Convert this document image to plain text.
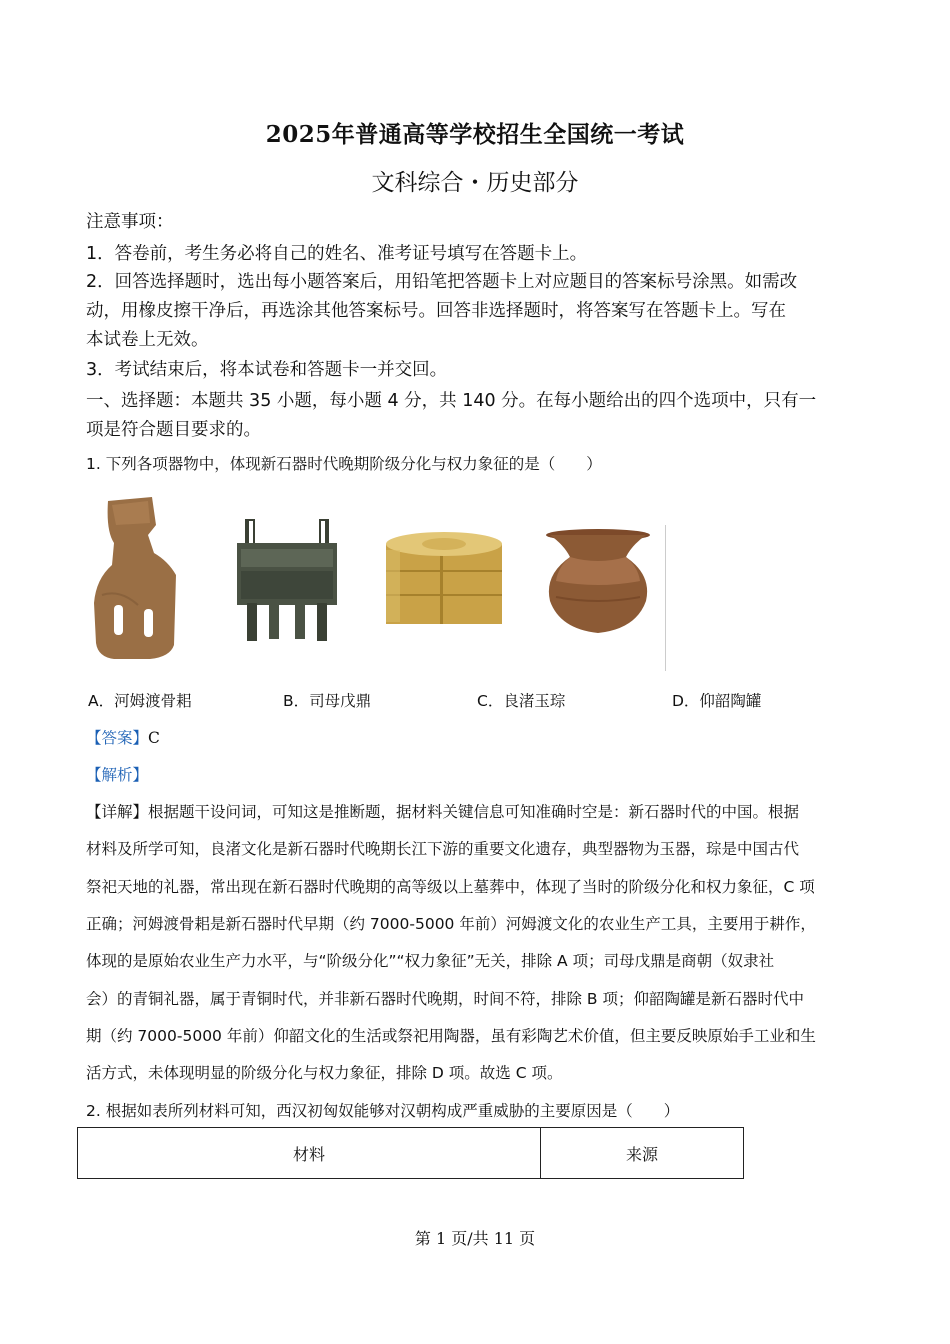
2025年普通高等学校招生全国统一考试
文科综合・历史部分
注意事项：
1．答卷前，考生务必将自己的姓名、准考证号填写在答题卡上。
2．回答选择题时，选出每小题答案后，用铅笔把答题卡上对应题目的答案标号涂黑。如需改
动，用橡皮擦干净后，再选涂其他答案标号。回答非选择题时，将答案写在答题卡上。写在
本试卷上无效。
3．考试结束后，将本试卷和答题卡一并交回。
一、选择题：本题共 35 小题，每小题 4 分，共 140 分。在每小题给出的四个选项中，只有一
项是符合题目要求的。
1. 下列各项器物中，体现新石器时代晚期阶级分化与权力象征的是（　　）
A．河姆渡骨耜	B．司母戊鼎	C．良渚玉琮	D．仰韶陶罐
【答案】C
【解析】
【详解】根据题干设问词，可知这是推断题，据材料关键信息可知准确时空是：新石器时代的中国。根据
材料及所学可知，良渚文化是新石器时代晚期长江下游的重要文化遗存，典型器物为玉器，琮是中国古代
祭祀天地的礼器，常出现在新石器时代晚期的高等级以上墓葬中，体现了当时的阶级分化和权力象征，C 项
正确；河姆渡骨耜是新石器时代早期（约 7000-5000 年前）河姆渡文化的农业生产工具，主要用于耕作，
体现的是原始农业生产力水平，与“阶级分化”“权力象征”无关，排除 A 项；司母戊鼎是商朝（奴隶社
会）的青铜礼器，属于青铜时代，并非新石器时代晚期，时间不符，排除 B 项；仰韶陶罐是新石器时代中
期（约 7000-5000 年前）仰韶文化的生活或祭祀用陶器，虽有彩陶艺术价值，但主要反映原始手工业和生
活方式，未体现明显的阶级分化与权力象征，排除 D 项。故选 C 项。
2. 根据如表所列材料可知，西汉初匈奴能够对汉朝构成严重威胁的主要原因是（　　）
材料	来源
第 1 页/共 11 页
